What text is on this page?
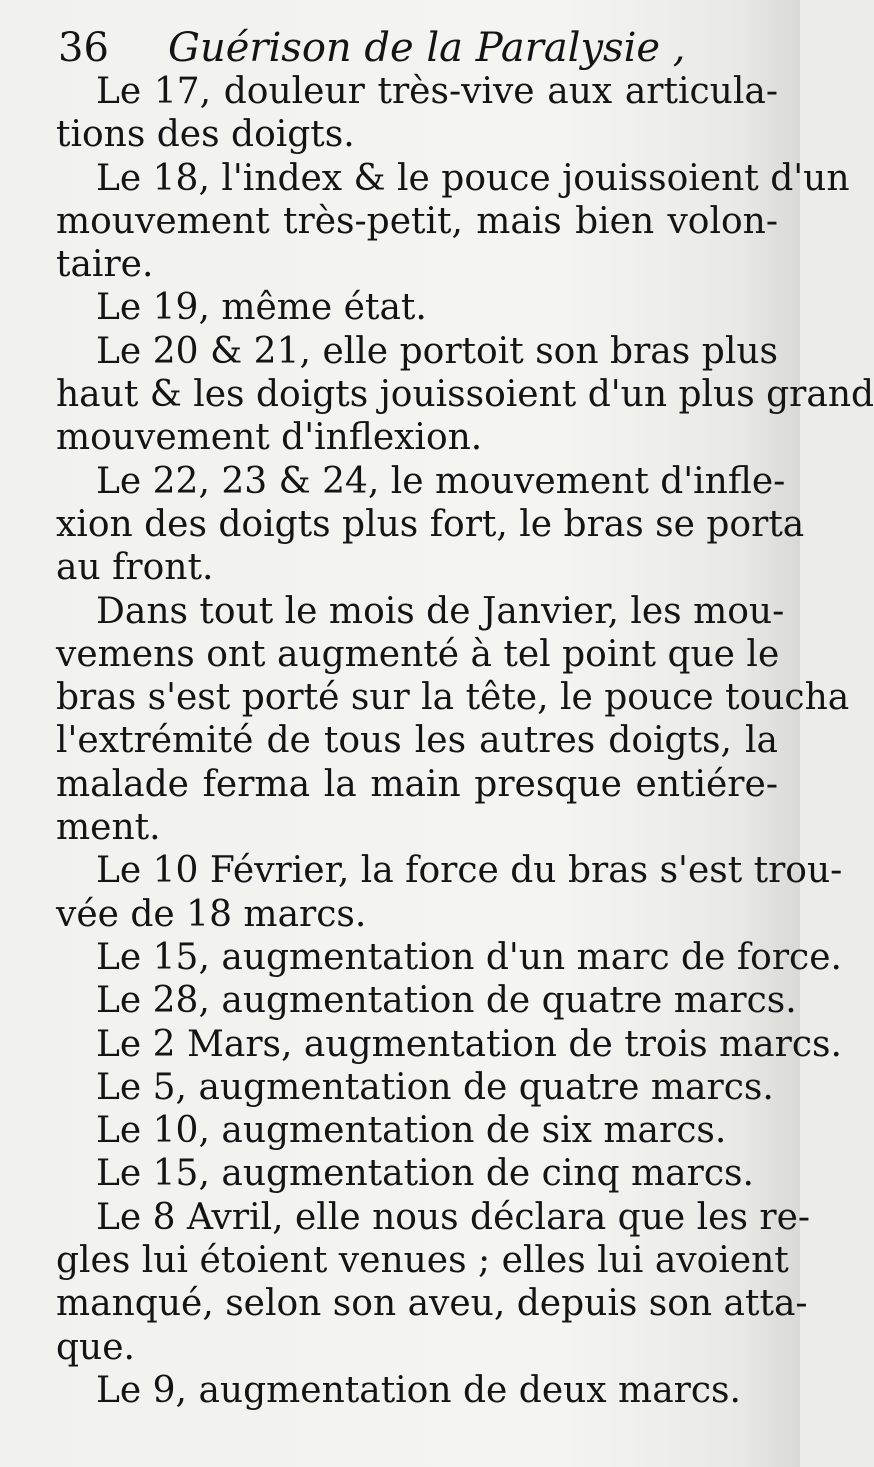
36 Guérison de la Paralysie ,
Le 17, douleur très-vive aux articula-
tions des doigts.
Le 18, l'index & le pouce jouissoient d'un
mouvement très-petit, mais bien volon-
taire.
Le 19, même état.
Le 20 & 21, elle portoit son bras plus
haut & les doigts jouissoient d'un plus grand
mouvement d'inflexion.
Le 22, 23 & 24, le mouvement d'infle-
xion des doigts plus fort, le bras se porta
au front.
Dans tout le mois de Janvier, les mou-
vemens ont augmenté à tel point que le
bras s'est porté sur la tête, le pouce toucha
l'extrémité de tous les autres doigts, la
malade ferma la main presque entiére-
ment.
Le 10 Février, la force du bras s'est trou-
vée de 18 marcs.
Le 15, augmentation d'un marc de force.
Le 28, augmentation de quatre marcs.
Le 2 Mars, augmentation de trois marcs.
Le 5, augmentation de quatre marcs.
Le 10, augmentation de six marcs.
Le 15, augmentation de cinq marcs.
Le 8 Avril, elle nous déclara que les re-
gles lui étoient venues ; elles lui avoient
manqué, selon son aveu, depuis son atta-
que.
Le 9, augmentation de deux marcs.
